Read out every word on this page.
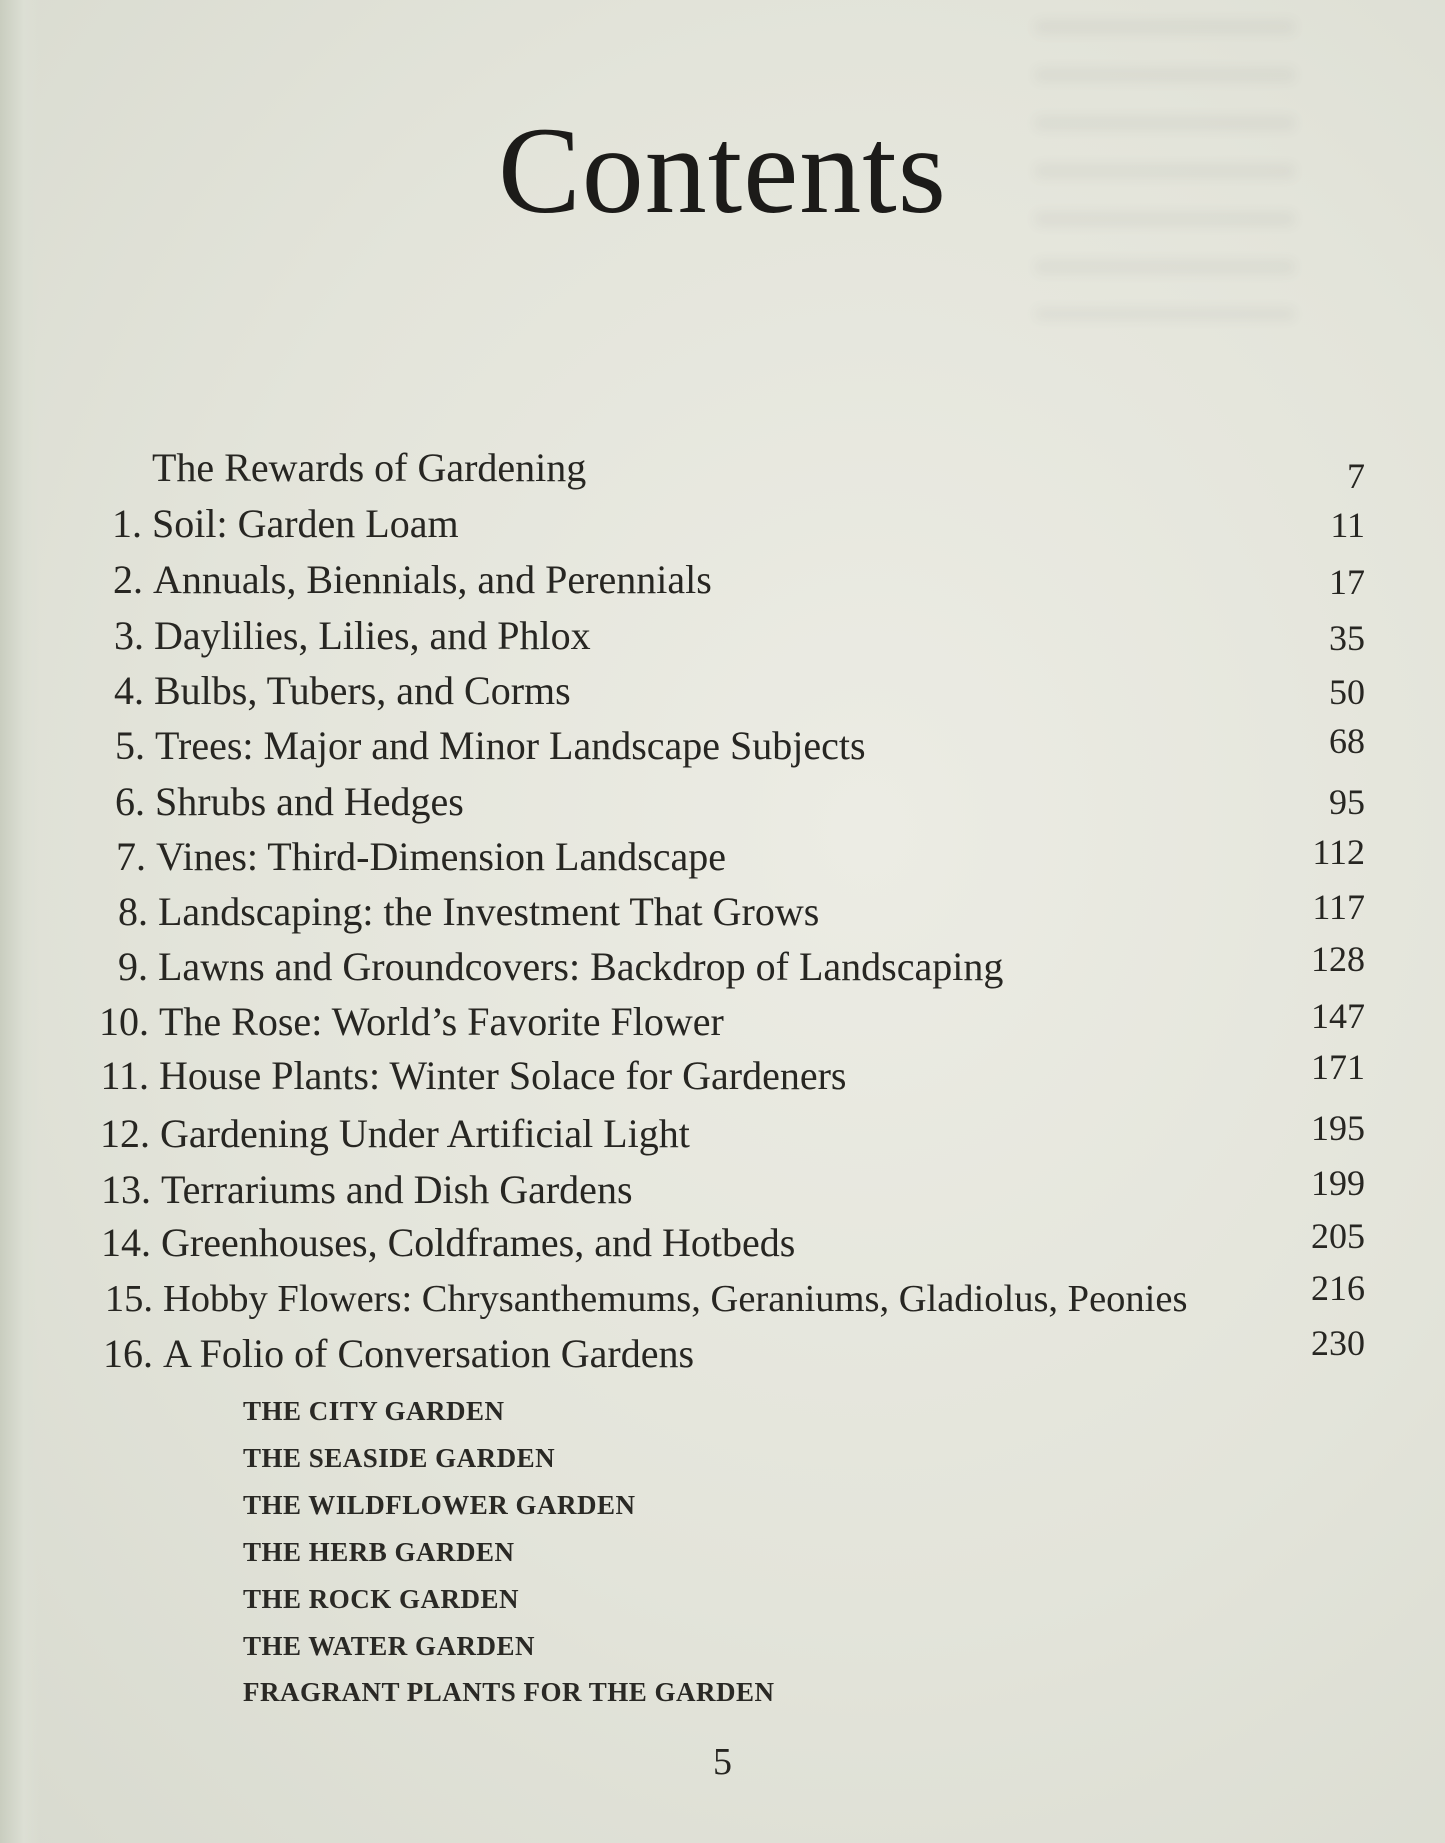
Contents
The Rewards of Gardening	7
1. Soil: Garden Loam	11
2. Annuals, Biennials, and Perennials	17
3. Daylilies, Lilies, and Phlox	35
4. Bulbs, Tubers, and Corms	50
5. Trees: Major and Minor Landscape Subjects	68
6. Shrubs and Hedges	95
7. Vines: Third-Dimension Landscape	112
8. Landscaping: the Investment That Grows	117
9. Lawns and Groundcovers: Backdrop of Landscaping	128
10. The Rose: World’s Favorite Flower	147
11. House Plants: Winter Solace for Gardeners	171
12. Gardening Under Artificial Light	195
13. Terrariums and Dish Gardens	199
14. Greenhouses, Coldframes, and Hotbeds	205
15. Hobby Flowers: Chrysanthemums, Geraniums, Gladiolus, Peonies	216
16. A Folio of Conversation Gardens	230
THE CITY GARDEN
THE SEASIDE GARDEN
THE WILDFLOWER GARDEN
THE HERB GARDEN
THE ROCK GARDEN
THE WATER GARDEN
FRAGRANT PLANTS FOR THE GARDEN
5
